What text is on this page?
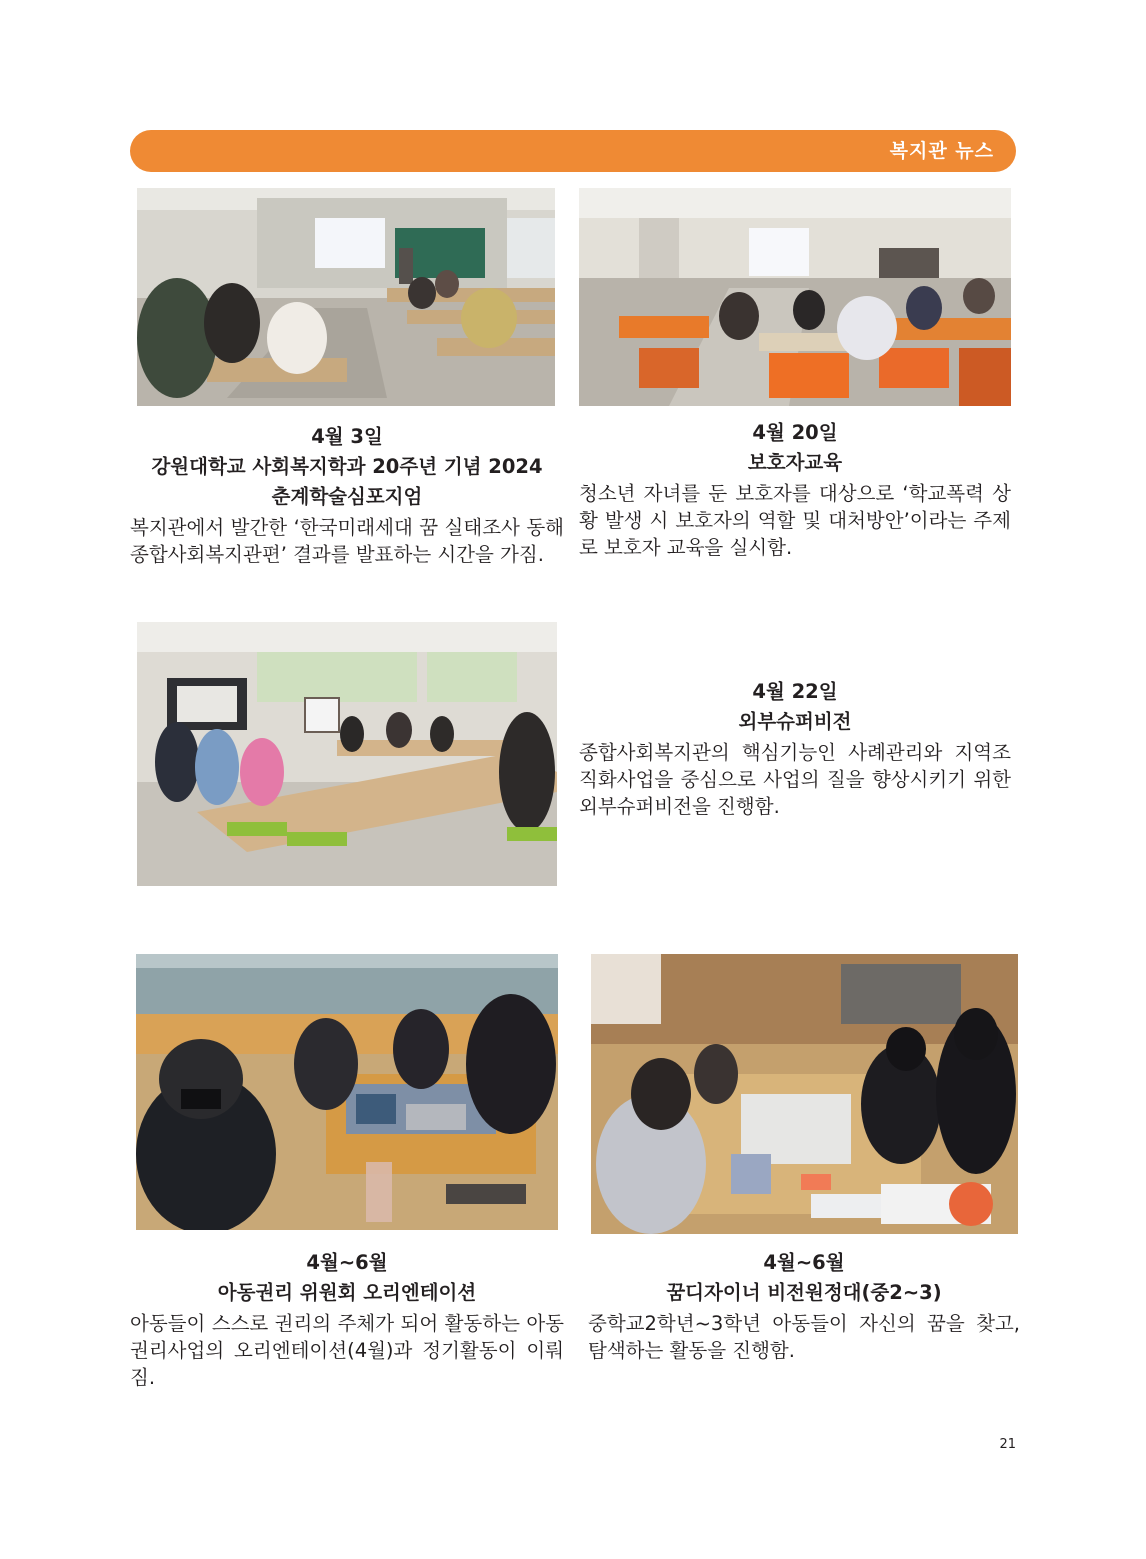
복지관 뉴스
4월 3일
강원대학교 사회복지학과 20주년 기념 2024
춘계학술심포지엄
복지관에서 발간한 ‘한국미래세대 꿈 실태조사 동해종합사회복지관편’ 결과를 발표하는 시간을 가짐.
4월 20일
보호자교육
청소년 자녀를 둔 보호자를 대상으로 ‘학교폭력 상황 발생 시 보호자의 역할 및 대처방안’이라는 주제로 보호자 교육을 실시함.
4월 22일
외부슈퍼비전
종합사회복지관의 핵심기능인 사례관리와 지역조직화사업을 중심으로 사업의 질을 향상시키기 위한 외부슈퍼비전을 진행함.
4월~6월
아동권리 위원회 오리엔테이션
아동들이 스스로 권리의 주체가 되어 활동하는 아동권리사업의 오리엔테이션(4월)과 정기활동이 이뤄짐.
4월~6월
꿈디자이너 비전원정대(중2~3)
중학교2학년~3학년 아동들이 자신의 꿈을 찾고, 탐색하는 활동을 진행함.
21
